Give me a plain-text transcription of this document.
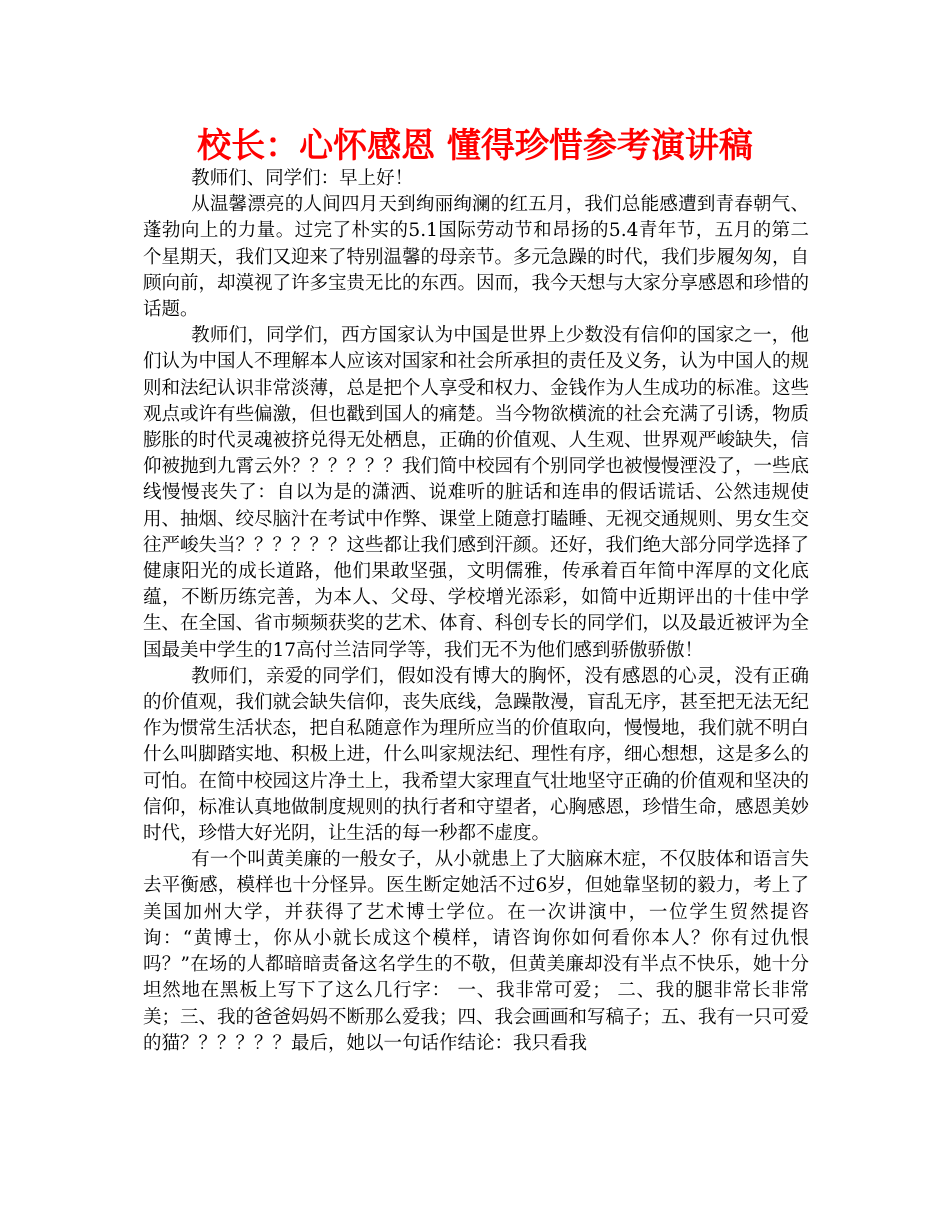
校长：心怀感恩 懂得珍惜参考演讲稿

教师们、同学们：早上好！

从温馨漂亮的人间四月天到绚丽绚澜的红五月，我们总能感遭到青春朝气、蓬勃向上的力量。过完了朴实的5.1国际劳动节和昂扬的5.4青年节，五月的第二个星期天，我们又迎来了特别温馨的母亲节。多元急躁的时代，我们步履匆匆，自顾向前，却漠视了许多宝贵无比的东西。因而，我今天想与大家分享感恩和珍惜的话题。

教师们，同学们，西方国家认为中国是世界上少数没有信仰的国家之一，他们认为中国人不理解本人应该对国家和社会所承担的责任及义务，认为中国人的规则和法纪认识非常淡薄，总是把个人享受和权力、金钱作为人生成功的标准。这些观点或许有些偏激，但也戳到国人的痛楚。当今物欲横流的社会充满了引诱，物质膨胀的时代灵魂被挤兑得无处栖息，正确的价值观、人生观、世界观严峻缺失，信仰被抛到九霄云外？？？？？？我们简中校园有个别同学也被慢慢湮没了，一些底线慢慢丧失了：自以为是的潇洒、说难听的脏话和连串的假话谎话、公然违规使用、抽烟、绞尽脑汁在考试中作弊、课堂上随意打瞌睡、无视交通规则、男女生交往严峻失当？？？？？？这些都让我们感到汗颜。还好，我们绝大部分同学选择了健康阳光的成长道路，他们果敢坚强，文明儒雅，传承着百年简中浑厚的文化底蕴，不断历练完善，为本人、父母、学校增光添彩，如简中近期评出的十佳中学生、在全国、省市频频获奖的艺术、体育、科创专长的同学们，以及最近被评为全国最美中学生的17高付兰洁同学等，我们无不为他们感到骄傲骄傲！

教师们，亲爱的同学们，假如没有博大的胸怀，没有感恩的心灵，没有正确的价值观，我们就会缺失信仰，丧失底线，急躁散漫，盲乱无序，甚至把无法无纪作为惯常生活状态，把自私随意作为理所应当的价值取向，慢慢地，我们就不明白什么叫脚踏实地、积极上进，什么叫家规法纪、理性有序，细心想想，这是多么的可怕。在简中校园这片净土上，我希望大家理直气壮地坚守正确的价值观和坚决的信仰，标准认真地做制度规则的执行者和守望者，心胸感恩，珍惜生命，感恩美妙时代，珍惜大好光阴，让生活的每一秒都不虚度。

有一个叫黄美廉的一般女子，从小就患上了大脑麻木症，不仅肢体和语言失去平衡感，模样也十分怪异。医生断定她活不过6岁，但她靠坚韧的毅力，考上了美国加州大学，并获得了艺术博士学位。在一次讲演中，一位学生贸然提咨询：“黄博士，你从小就长成这个模样，请咨询你如何看你本人？你有过仇恨吗？”在场的人都暗暗责备这名学生的不敬，但黄美廉却没有半点不快乐，她十分坦然地在黑板上写下了这么几行字： 一、我非常可爱； 二、我的腿非常长非常美；三、我的爸爸妈妈不断那么爱我；四、我会画画和写稿子；五、我有一只可爱的猫？？？？？？最后，她以一句话作结论：我只看我
